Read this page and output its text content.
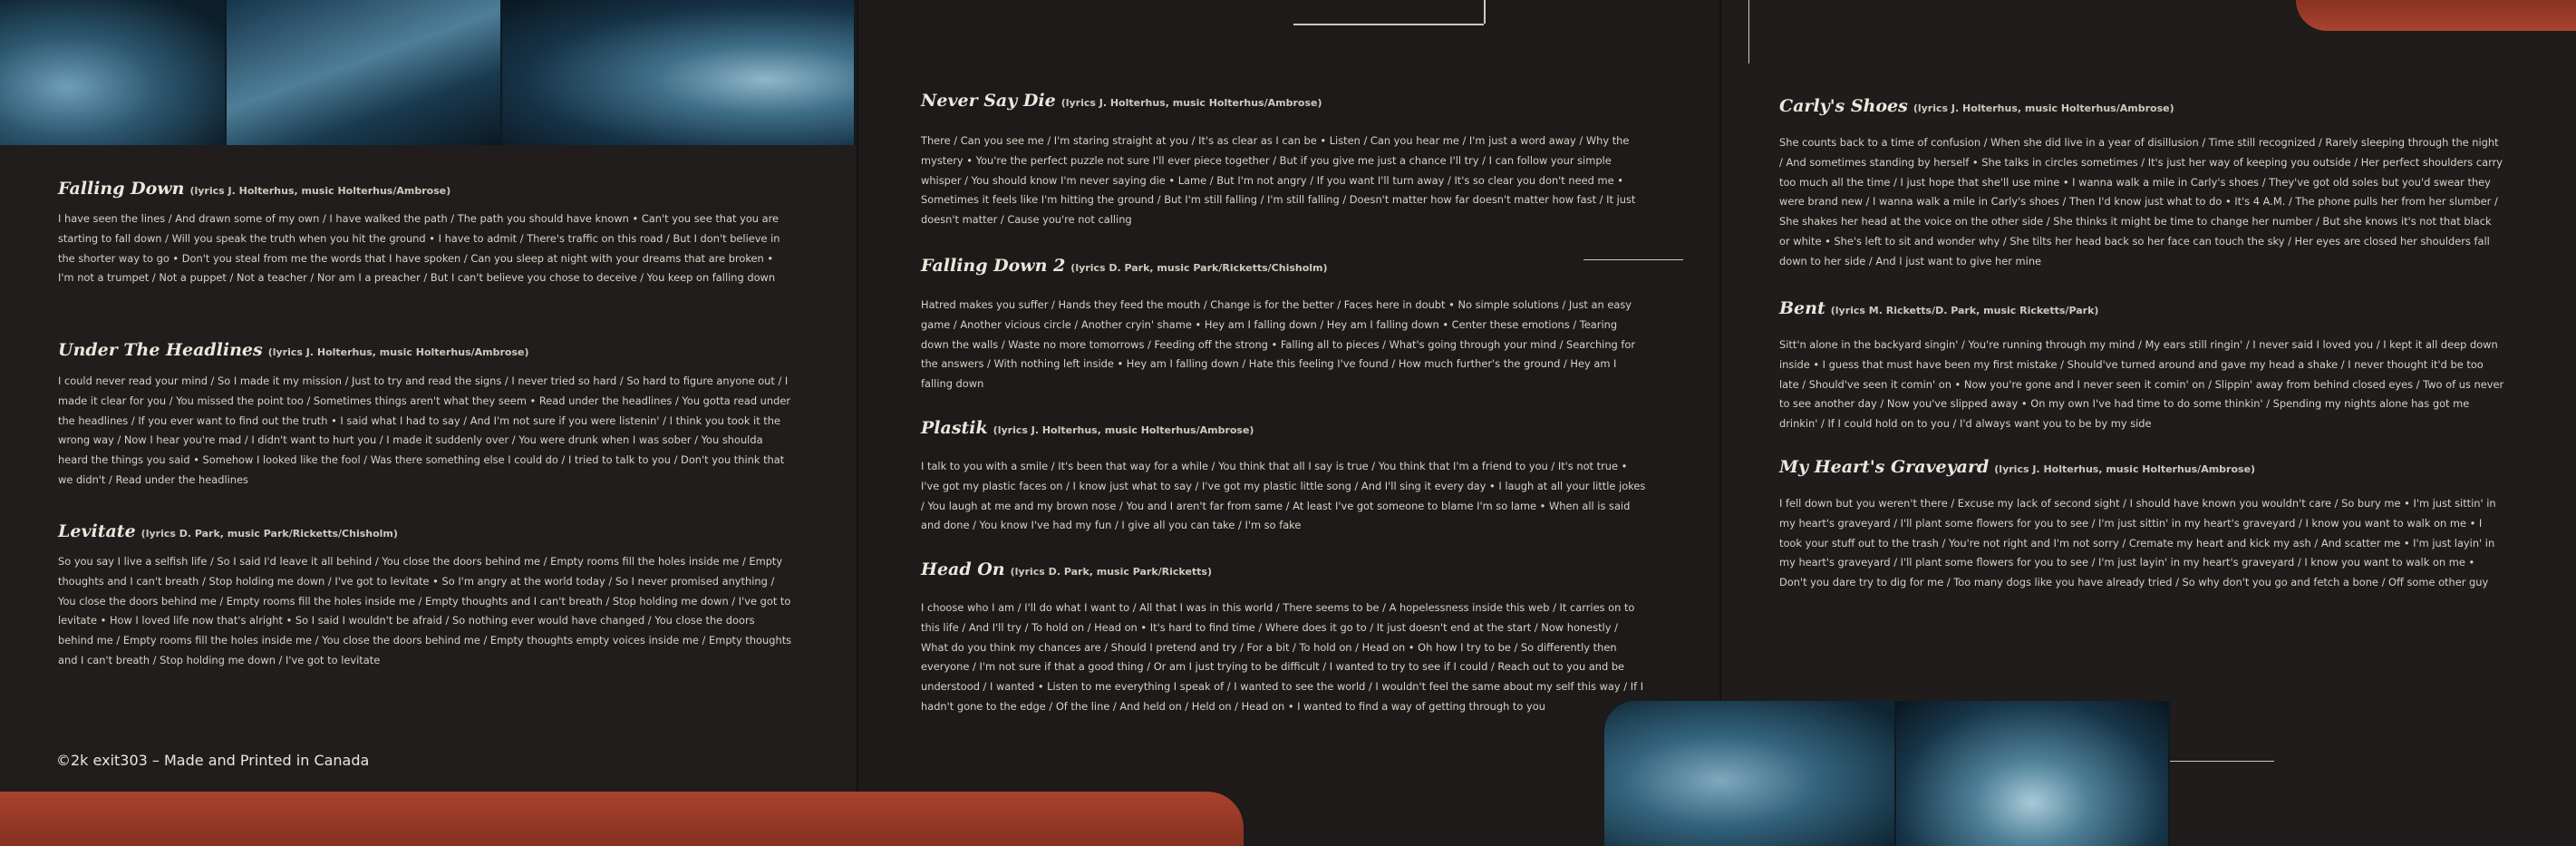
Falling Down (lyrics J. Holterhus, music Holterhus/Ambrose)

I have seen the lines / And drawn some of my own / I have walked the path / The path you should have known • Can't you see that you are starting to fall down / Will you speak the truth when you hit the ground • I have to admit / There's traffic on this road / But I don't believe in the shorter way to go • Don't you steal from me the words that I have spoken / Can you sleep at night with your dreams that are broken • I'm not a trumpet / Not a puppet / Not a teacher / Nor am I a preacher / But I can't believe you chose to deceive / You keep on falling down

Under The Headlines (lyrics J. Holterhus, music Holterhus/Ambrose)

I could never read your mind / So I made it my mission / Just to try and read the signs / I never tried so hard / So hard to figure anyone out / I made it clear for you / You missed the point too / Sometimes things aren't what they seem • Read under the headlines / You gotta read under the headlines / If you ever want to find out the truth • I said what I had to say / And I'm not sure if you were listenin' / I think you took it the wrong way / Now I hear you're mad / I didn't want to hurt you / I made it suddenly over / You were drunk when I was sober / You shoulda heard the things you said • Somehow I looked like the fool / Was there something else I could do / I tried to talk to you / Don't you think that we didn't / Read under the headlines

Levitate (lyrics D. Park, music Park/Ricketts/Chisholm)

So you say I live a selfish life / So I said I'd leave it all behind / You close the doors behind me / Empty rooms fill the holes inside me / Empty thoughts and I can't breath / Stop holding me down / I've got to levitate • So I'm angry at the world today / So I never promised anything / You close the doors behind me / Empty rooms fill the holes inside me / Empty thoughts and I can't breath / Stop holding me down / I've got to levitate • How I loved life now that's alright • So I said I wouldn't be afraid / So nothing ever would have changed / You close the doors behind me / Empty rooms fill the holes inside me / You close the doors behind me / Empty thoughts empty voices inside me / Empty thoughts and I can't breath / Stop holding me down / I've got to levitate

©2k exit303 – Made and Printed in Canada

Never Say Die (lyrics J. Holterhus, music Holterhus/Ambrose)

There / Can you see me / I'm staring straight at you / It's as clear as I can be • Listen / Can you hear me / I'm just a word away / Why the mystery • You're the perfect puzzle not sure I'll ever piece together / But if you give me just a chance I'll try / I can follow your simple whisper / You should know I'm never saying die • Lame / But I'm not angry / If you want I'll turn away / It's so clear you don't need me • Sometimes it feels like I'm hitting the ground / But I'm still falling / I'm still falling / Doesn't matter how far doesn't matter how fast / It just doesn't matter / Cause you're not calling

Falling Down 2 (lyrics D. Park, music Park/Ricketts/Chisholm)

Hatred makes you suffer / Hands they feed the mouth / Change is for the better / Faces here in doubt • No simple solutions / Just an easy game / Another vicious circle / Another cryin' shame • Hey am I falling down / Hey am I falling down • Center these emotions / Tearing down the walls / Waste no more tomorrows / Feeding off the strong • Falling all to pieces / What's going through your mind / Searching for the answers / With nothing left inside • Hey am I falling down / Hate this feeling I've found / How much further's the ground / Hey am I falling down

Plastik (lyrics J. Holterhus, music Holterhus/Ambrose)

I talk to you with a smile / It's been that way for a while / You think that all I say is true / You think that I'm a friend to you / It's not true • I've got my plastic faces on / I know just what to say / I've got my plastic little song / And I'll sing it every day • I laugh at all your little jokes / You laugh at me and my brown nose / You and I aren't far from same / At least I've got someone to blame I'm so lame • When all is said and done / You know I've had my fun / I give all you can take / I'm so fake

Head On (lyrics D. Park, music Park/Ricketts)

I choose who I am / I'll do what I want to / All that I was in this world / There seems to be / A hopelessness inside this web / It carries on to this life / And I'll try / To hold on / Head on • It's hard to find time / Where does it go to / It just doesn't end at the start / Now honestly / What do you think my chances are / Should I pretend and try / For a bit / To hold on / Head on • Oh how I try to be / So differently then everyone / I'm not sure if that a good thing / Or am I just trying to be difficult / I wanted to try to see if I could / Reach out to you and be understood / I wanted • Listen to me everything I speak of / I wanted to see the world / I wouldn't feel the same about my self this way / If I hadn't gone to the edge / Of the line / And held on / Held on / Head on • I wanted to find a way of getting through to you

Carly's Shoes (lyrics J. Holterhus, music Holterhus/Ambrose)

She counts back to a time of confusion / When she did live in a year of disillusion / Time still recognized / Rarely sleeping through the night / And sometimes standing by herself • She talks in circles sometimes / It's just her way of keeping you outside / Her perfect shoulders carry too much all the time / I just hope that she'll use mine • I wanna walk a mile in Carly's shoes / They've got old soles but you'd swear they were brand new / I wanna walk a mile in Carly's shoes / Then I'd know just what to do • It's 4 A.M. / The phone pulls her from her slumber / She shakes her head at the voice on the other side / She thinks it might be time to change her number / But she knows it's not that black or white • She's left to sit and wonder why / She tilts her head back so her face can touch the sky / Her eyes are closed her shoulders fall down to her side / And I just want to give her mine

Bent (lyrics M. Ricketts/D. Park, music Ricketts/Park)

Sitt'n alone in the backyard singin' / You're running through my mind / My ears still ringin' / I never said I loved you / I kept it all deep down inside • I guess that must have been my first mistake / Should've turned around and gave my head a shake / I never thought it'd be too late / Should've seen it comin' on • Now you're gone and I never seen it comin' on / Slippin' away from behind closed eyes / Two of us never to see another day / Now you've slipped away • On my own I've had time to do some thinkin' / Spending my nights alone has got me drinkin' / If I could hold on to you / I'd always want you to be by my side

My Heart's Graveyard (lyrics J. Holterhus, music Holterhus/Ambrose)

I fell down but you weren't there / Excuse my lack of second sight / I should have known you wouldn't care / So bury me • I'm just sittin' in my heart's graveyard / I'll plant some flowers for you to see / I'm just sittin' in my heart's graveyard / I know you want to walk on me • I took your stuff out to the trash / You're not right and I'm not sorry / Cremate my heart and kick my ash / And scatter me • I'm just layin' in my heart's graveyard / I'll plant some flowers for you to see / I'm just layin' in my heart's graveyard / I know you want to walk on me • Don't you dare try to dig for me / Too many dogs like you have already tried / So why don't you go and fetch a bone / Off some other guy
